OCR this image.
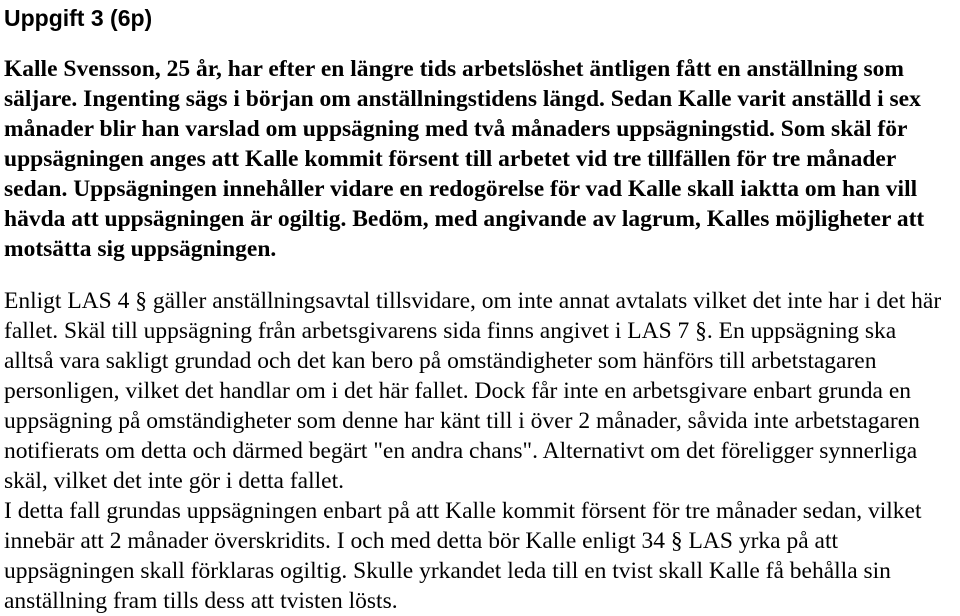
Uppgift 3 (6p)

Kalle Svensson, 25 år, har efter en längre tids arbetslöshet äntligen fått en anställning som säljare. Ingenting sägs i början om anställningstidens längd. Sedan Kalle varit anställd i sex månader blir han varslad om uppsägning med två månaders uppsägningstid. Som skäl för uppsägningen anges att Kalle kommit försent till arbetet vid tre tillfällen för tre månader sedan. Uppsägningen innehåller vidare en redogörelse för vad Kalle skall iaktta om han vill hävda att uppsägningen är ogiltig. Bedöm, med angivande av lagrum, Kalles möjligheter att motsätta sig uppsägningen.

Enligt LAS 4 § gäller anställningsavtal tillsvidare, om inte annat avtalats vilket det inte har i det här fallet. Skäl till uppsägning från arbetsgivarens sida finns angivet i LAS 7 §. En uppsägning ska alltså vara sakligt grundad och det kan bero på omständigheter som hänförs till arbetstagaren personligen, vilket det handlar om i det här fallet. Dock får inte en arbetsgivare enbart grunda en uppsägning på omständigheter som denne har känt till i över 2 månader, såvida inte arbetstagaren notifierats om detta och därmed begärt "en andra chans". Alternativt om det föreligger synnerliga skäl, vilket det inte gör i detta fallet.
I detta fall grundas uppsägningen enbart på att Kalle kommit försent för tre månader sedan, vilket innebär att 2 månader överskridits. I och med detta bör Kalle enligt 34 § LAS yrka på att uppsägningen skall förklaras ogiltig. Skulle yrkandet leda till en tvist skall Kalle få behålla sin anställning fram tills dess att tvisten lösts.
